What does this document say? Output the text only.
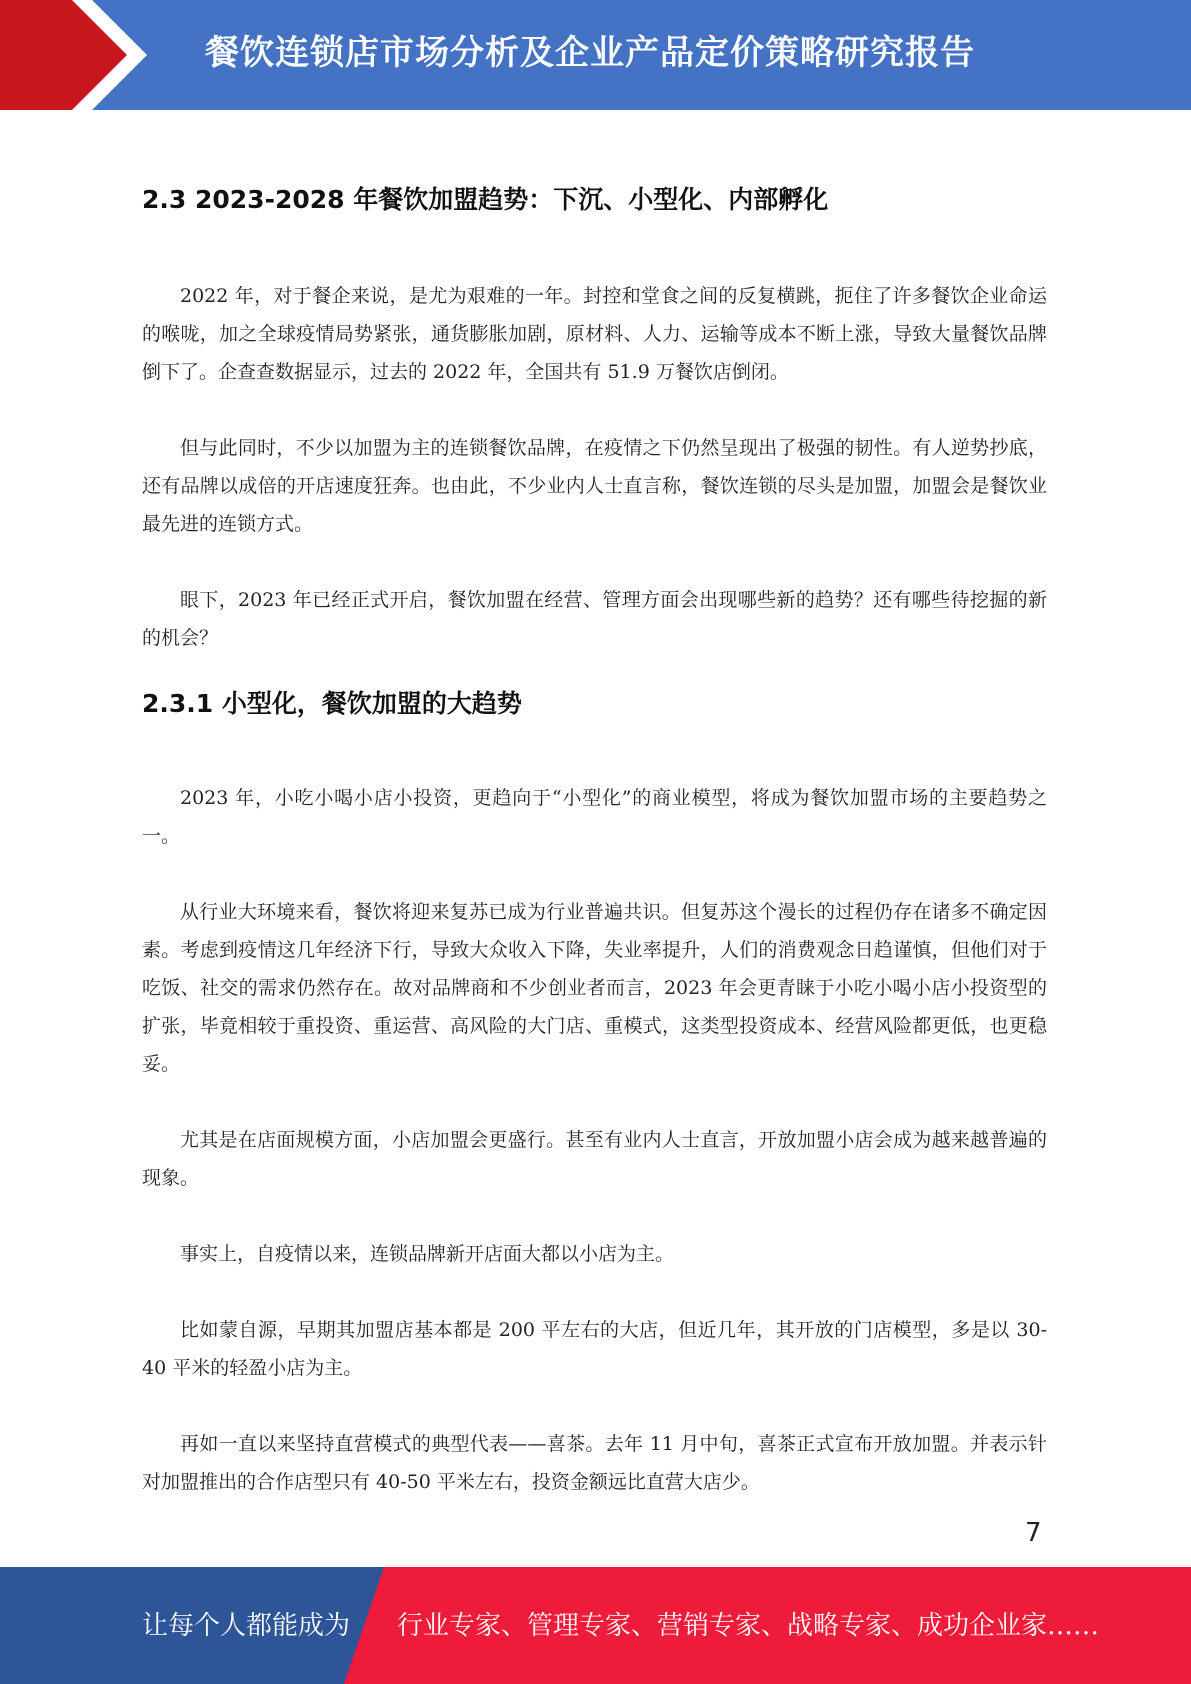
餐饮连锁店市场分析及企业产品定价策略研究报告
2.3 2023-2028 年餐饮加盟趋势：下沉、小型化、内部孵化

2022 年，对于餐企来说，是尤为艰难的一年。封控和堂食之间的反复横跳，扼住了许多餐饮企业命运的喉咙，加之全球疫情局势紧张，通货膨胀加剧，原材料、人力、运输等成本不断上涨，导致大量餐饮品牌倒下了。企查查数据显示，过去的 2022 年，全国共有 51.9 万餐饮店倒闭。

但与此同时，不少以加盟为主的连锁餐饮品牌，在疫情之下仍然呈现出了极强的韧性。有人逆势抄底，还有品牌以成倍的开店速度狂奔。也由此，不少业内人士直言称，餐饮连锁的尽头是加盟，加盟会是餐饮业最先进的连锁方式。

眼下，2023 年已经正式开启，餐饮加盟在经营、管理方面会出现哪些新的趋势？还有哪些待挖掘的新的机会？

2.3.1 小型化，餐饮加盟的大趋势

2023 年，小吃小喝小店小投资，更趋向于“小型化”的商业模型，将成为餐饮加盟市场的主要趋势之一。

从行业大环境来看，餐饮将迎来复苏已成为行业普遍共识。但复苏这个漫长的过程仍存在诸多不确定因素。考虑到疫情这几年经济下行，导致大众收入下降，失业率提升，人们的消费观念日趋谨慎，但他们对于吃饭、社交的需求仍然存在。故对品牌商和不少创业者而言，2023 年会更青睐于小吃小喝小店小投资型的扩张，毕竟相较于重投资、重运营、高风险的大门店、重模式，这类型投资成本、经营风险都更低，也更稳妥。

尤其是在店面规模方面，小店加盟会更盛行。甚至有业内人士直言，开放加盟小店会成为越来越普遍的现象。

事实上，自疫情以来，连锁品牌新开店面大都以小店为主。

比如蒙自源，早期其加盟店基本都是 200 平左右的大店，但近几年，其开放的门店模型，多是以 30-40 平米的轻盈小店为主。

再如一直以来坚持直营模式的典型代表——喜茶。去年 11 月中旬，喜茶正式宣布开放加盟。并表示针对加盟推出的合作店型只有 40-50 平米左右，投资金额远比直营大店少。

7
让每个人都能成为 行业专家、管理专家、营销专家、战略专家、成功企业家……
